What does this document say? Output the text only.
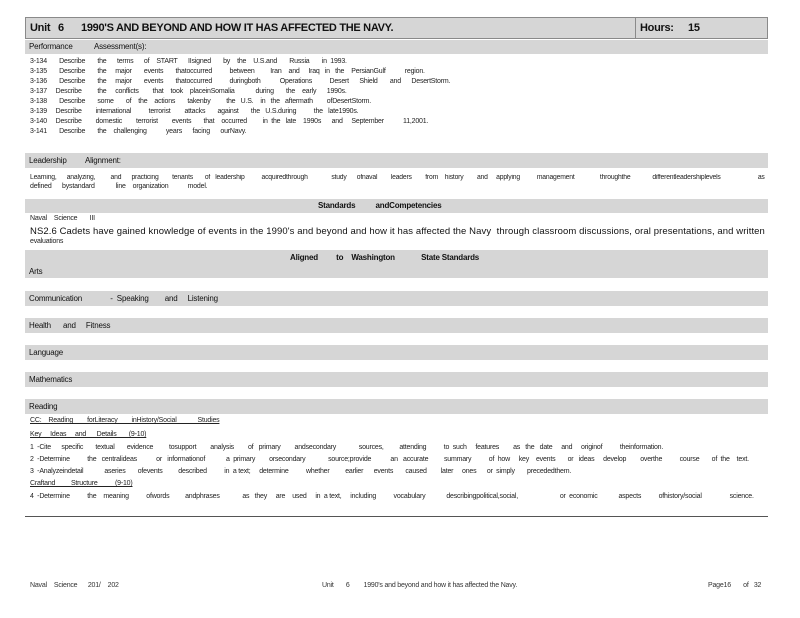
Unit 6 1990'S AND BEYOND AND HOW IT HAS AFFECTED THE NAVY.	Hours: 15
Performance	Assessment(s):
3-134       Describe       the      terms      of    START      IIsigned       by    the    U.S.and       Russia       in  1993.
3-135       Describe       the     major       events       thatoccurred          between         Iran    and     Iraq   in   the    PersianGulf           region.
3-136       Describe       the     major       events       thatoccurred          duringboth           Operations          Desert      Shield       and      DesertStorm.
3-137     Describe         the     conflicts        that    took    placeinSomalia            during       the    early      1990s.
3-138       Describe       some       of    the    actions       takenby         the   U.S.    in   the   aftermath        ofDesertStorm.
3-139     Describe        international          terrorist        attacks       against       the   U.S.during          the   late1990s.
3-140     Describe        domestic        terrorist        events       that    occurred         in  the   late    1990s      and     September           11,2001.
3-141       Describe       the    challenging           years      facing      ourNavy.
Leadership Alignment:
Learning,      analyzing,         and      practicing        tenants       of   leadership          acquiredthrough              study      ofnaval        leaders        from    history        and     applying          management               throughthe             differentleadershiplevels                      as
defined      bystandard            line    organization           model.
Standards          andCompetencies
Naval    Science       III
NS2.6 Cadets have gained knowledge of events in the 1990's and beyond and how it has affected the Navy  through classroom discussions, oral presentations, and written
evaluations
Aligned         to    Washington             State Standards
Arts
Communication              -  Speaking        and     Listening
Health      and     Fitness
Language
Mathematics
Reading
CC:    Reading        forLiteracy        inHistory/Social            Studies
Key     Ideas     and      Details       (9-10)
1  -Cite      specific       textual       evidence         tosupport        analysis        of   primary        andsecondary             sources,         attending          to  such     features        as   the   date     and     originof          theinformation.
2  -Determine          the   centralideas           or   informationof            a  primary        orsecondary             source;provide           an   accurate         summary          of  how     key    events       or   ideas     develop        overthe          course       of  the    text.
3  -Analyzeindetail            aseries       ofevents         described          in  a text;     determine          whether         earlier      events       caused        later     ones      or  simply       precededthem.
Craftand         Structure          (9-10)
4  -Determine          the    meaning          ofwords         andphrases             as   they     are    used     in  a text,     including          vocabulary            describingpolitical,social,                        or  economic            aspects          ofhistory/social                science.
Naval    Science      201/    202	Unit       6        1990's and beyond and how it has affected the Navy.	Page16       of   32
